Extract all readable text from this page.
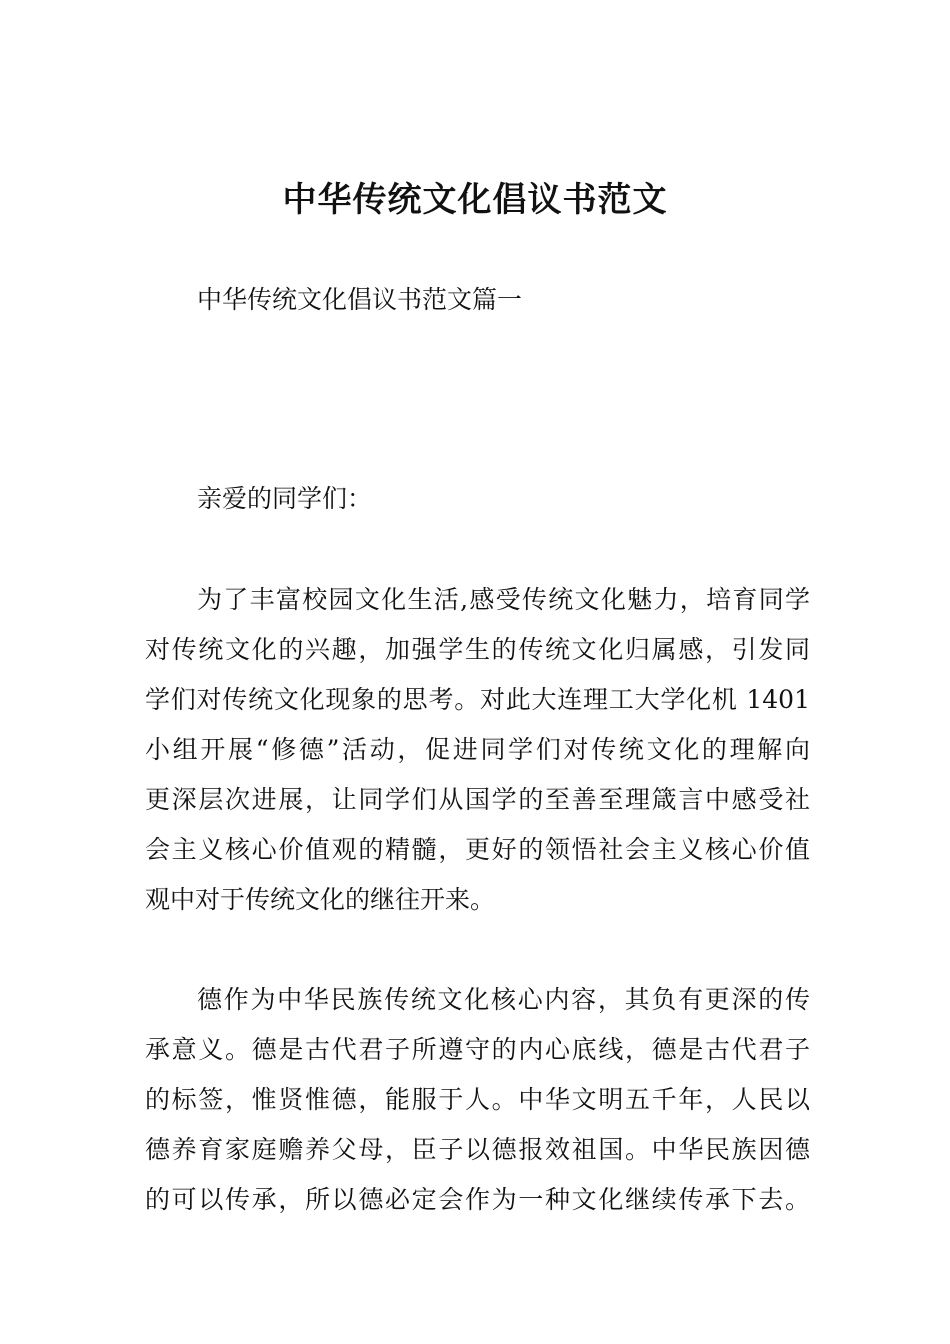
中华传统文化倡议书范文
中华传统文化倡议书范文篇一
亲爱的同学们：
为了丰富校园文化生活,感受传统文化魅力，培育同学
对传统文化的兴趣，加强学生的传统文化归属感，引发同
学们对传统文化现象的思考。对此大连理工大学化机 1401
小组开展“修德”活动，促进同学们对传统文化的理解向
更深层次进展，让同学们从国学的至善至理箴言中感受社
会主义核心价值观的精髓，更好的领悟社会主义核心价值
观中对于传统文化的继往开来。
德作为中华民族传统文化核心内容，其负有更深的传
承意义。德是古代君子所遵守的内心底线，德是古代君子
的标签，惟贤惟德，能服于人。中华文明五千年，人民以
德养育家庭赡养父母，臣子以德报效祖国。中华民族因德
的可以传承，所以德必定会作为一种文化继续传承下去。
